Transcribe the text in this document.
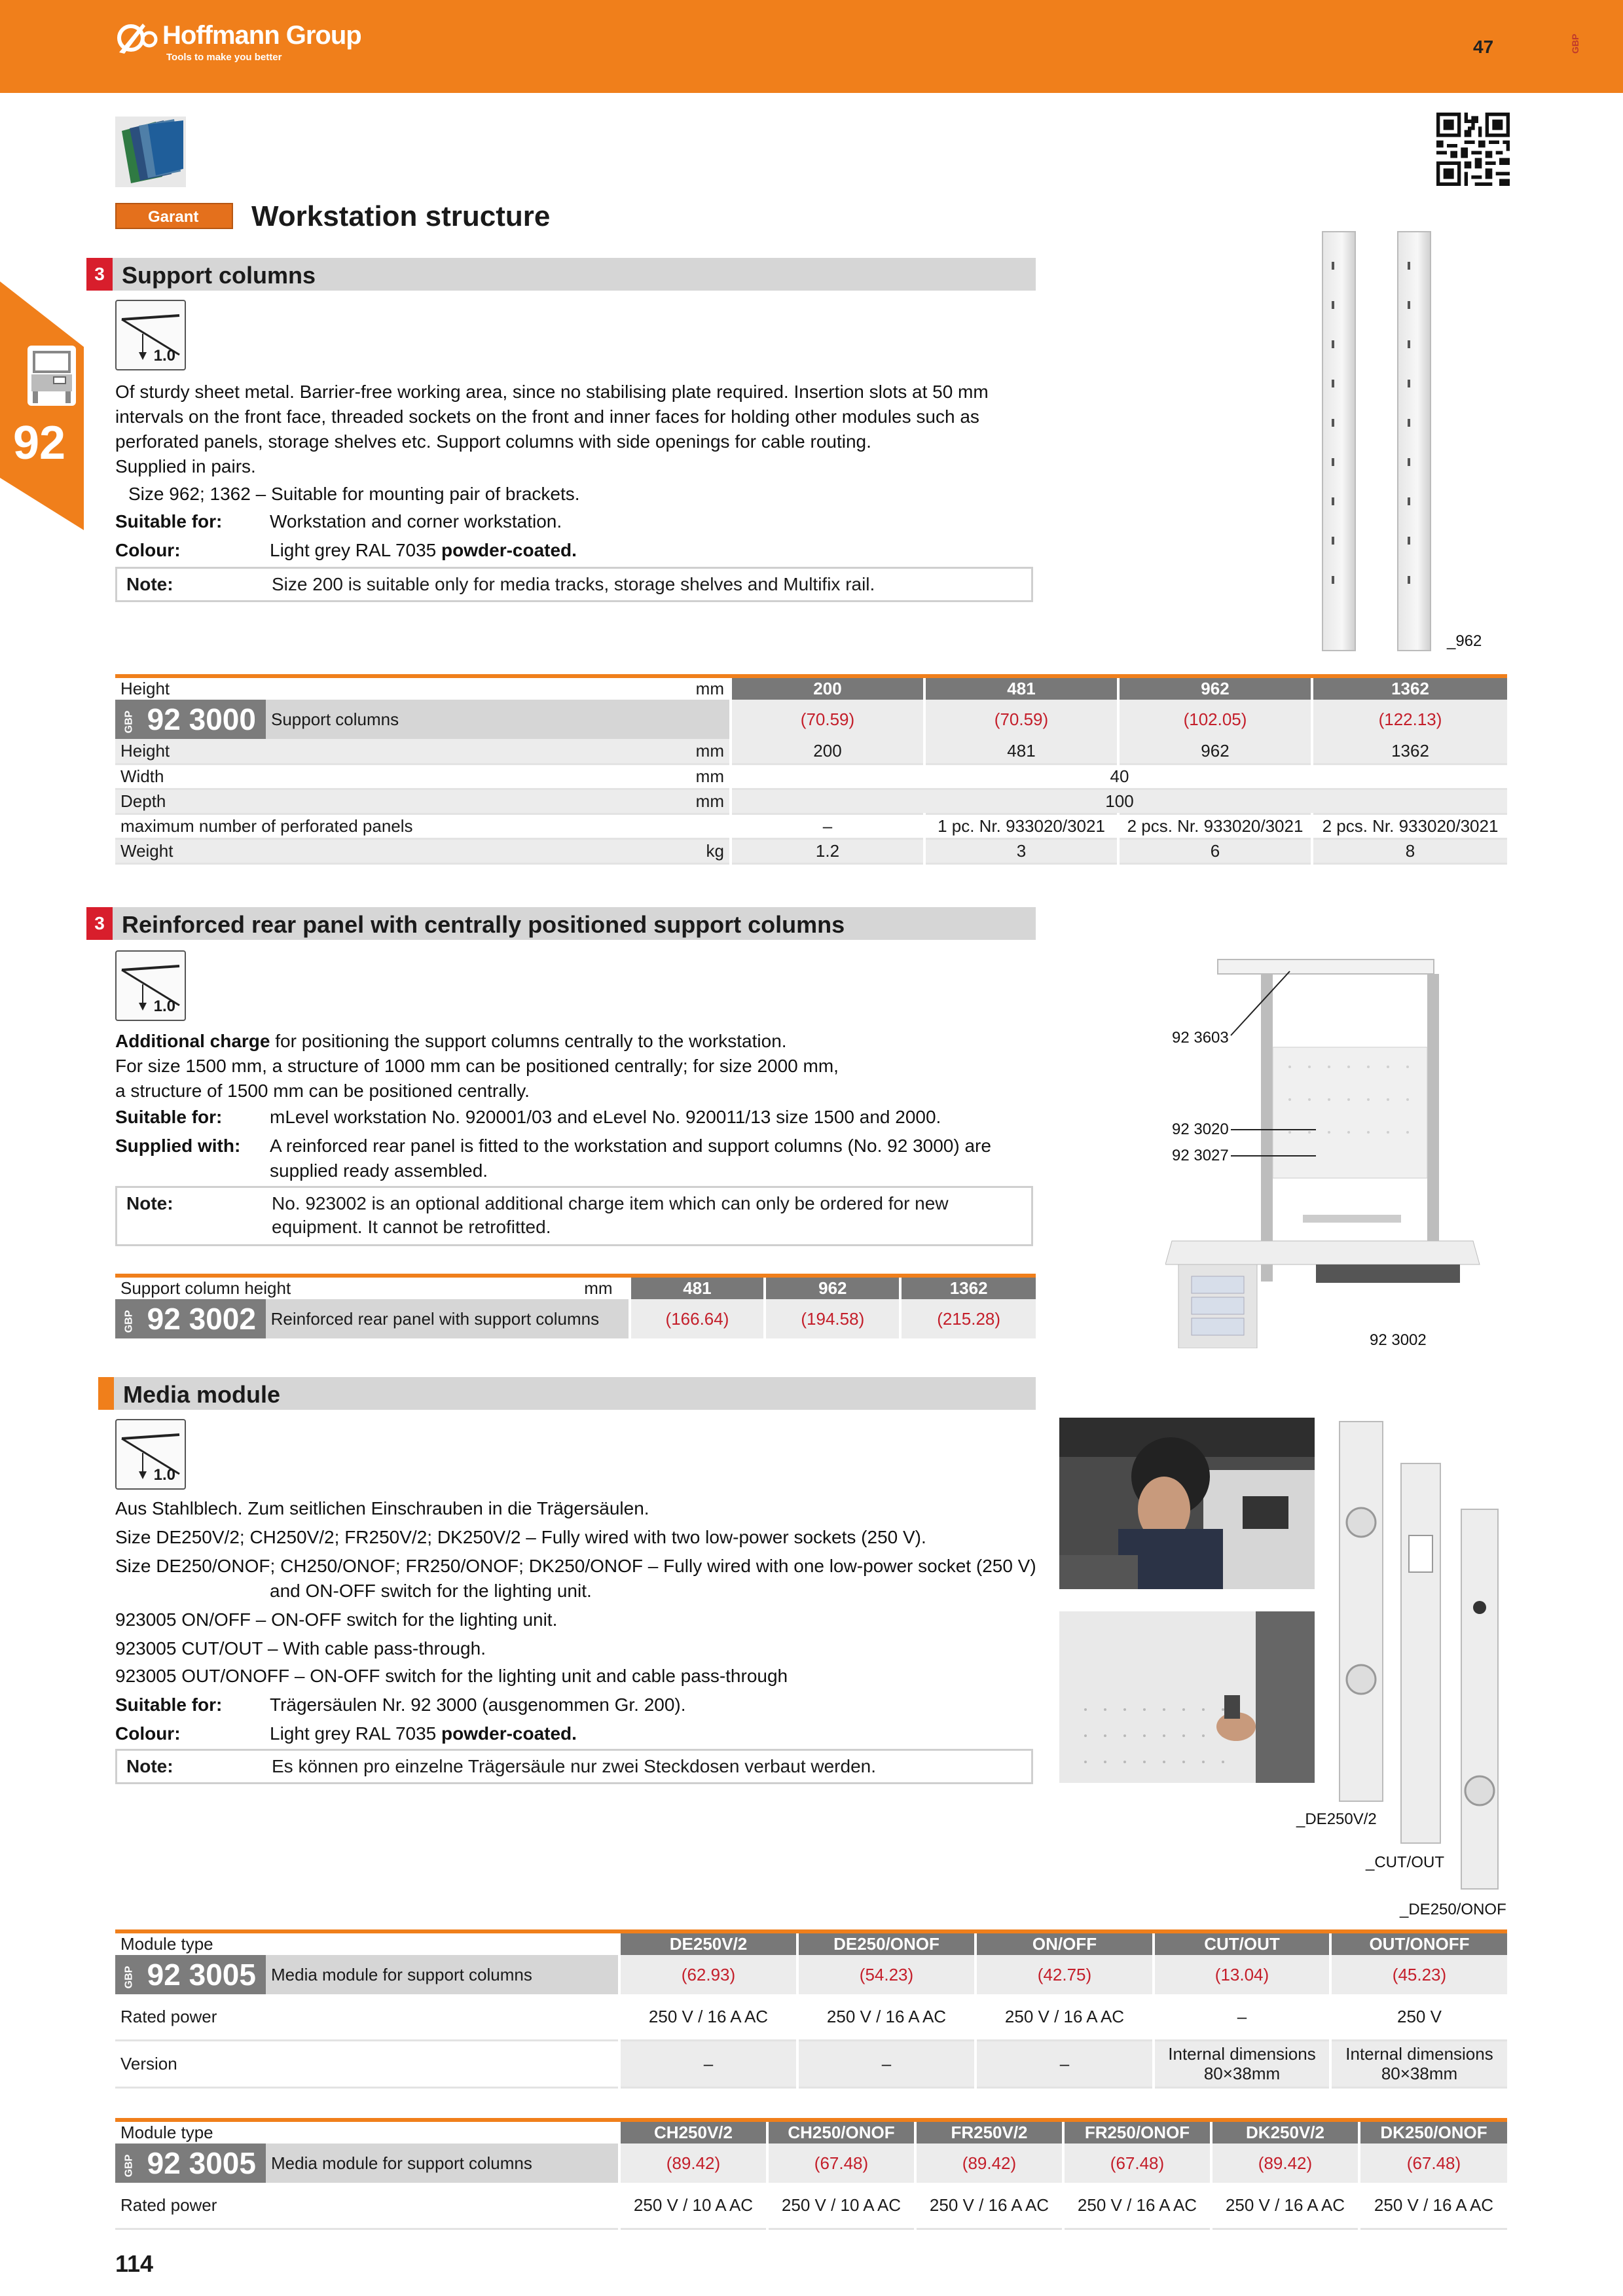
Hoffmann Group
Tools to make you better
47	GBP
92
Garant	Workstation structure
3 Support columns
1.0
Of sturdy sheet metal. Barrier-free working area, since no stabilising plate required. Insertion slots at 50 mm intervals on the front face, threaded sockets on the front and inner faces for holding other modules such as perforated panels, storage shelves etc. Support columns with side openings for cable routing.
Supplied in pairs.
Size 962; 1362 – Suitable for mounting pair of brackets.
Suitable for:	Workstation and corner workstation.
Colour:	Light grey RAL 7035 powder-coated.
Note:	Size 200 is suitable only for media tracks, storage shelves and Multifix rail.
_962
Height		mm	200	481	962	1362
GBP 92 3000	Support columns		(70.59)	(70.59)	(102.05)	(122.13)
Height		mm	200	481	962	1362
Width		mm	40			
Depth		mm	100			
maximum number of perforated panels			–	1 pc. Nr. 933020/3021	2 pcs. Nr. 933020/3021	2 pcs. Nr. 933020/3021
Weight		kg	1.2	3	6	8
3 Reinforced rear panel with centrally positioned support columns
1.0
Additional charge for positioning the support columns centrally to the workstation.
For size 1500 mm, a structure of 1000 mm can be positioned centrally; for size 2000 mm,
a structure of 1500 mm can be positioned centrally.
Suitable for:	mLevel workstation No. 920001/03 and eLevel No. 920011/13 size 1500 and 2000.
Supplied with: A reinforced rear panel is fitted to the workstation and support columns (No. 92 3000) are
supplied ready assembled.
Note:	No. 923002 is an optional additional charge item which can only be ordered for new
equipment. It cannot be retrofitted.
92 3603
92 3020
92 3027
92 3002
Support column height mm			481	962	1362
GBP 92 3002	Reinforced rear panel with support columns		(166.64)	(194.58)	(215.28)
Media module
1.0
Aus Stahlblech. Zum seitlichen Einschrauben in die Trägersäulen.
Size DE250V/2; CH250V/2; FR250V/2; DK250V/2 – Fully wired with two low-power sockets (250 V).
Size DE250/ONOF; CH250/ONOF; FR250/ONOF; DK250/ONOF – Fully wired with one low-power socket (250 V)
and ON-OFF switch for the lighting unit.
923005 ON/OFF – ON-OFF switch for the lighting unit.
923005 CUT/OUT – With cable pass-through.
923005 OUT/ONOFF – ON-OFF switch for the lighting unit and cable pass-through
Suitable for:	Trägersäulen Nr. 92 3000 (ausgenommen Gr. 200).
Colour:	Light grey RAL 7035 powder-coated.
Note:	Es können pro einzelne Trägersäule nur zwei Steckdosen verbaut werden.
_DE250V/2
_CUT/OUT
_DE250/ONOF
Module type		DE250V/2	DE250/ONOF	ON/OFF	CUT/OUT	OUT/ONOFF
GBP 92 3005	Media module for support columns	(62.93)	(54.23)	(42.75)	(13.04)	(45.23)
Rated power		250 V / 16 A AC	250 V / 16 A AC	250 V / 16 A AC	–	250 V
Version		–	–	–	Internal dimensions 80×38mm	Internal dimensions 80×38mm
Module type		CH250V/2	CH250/ONOF	FR250V/2	FR250/ONOF	DK250V/2	DK250/ONOF
GBP 92 3005	Media module for support columns	(89.42)	(67.48)	(89.42)	(67.48)	(89.42)	(67.48)
Rated power		250 V / 10 A AC	250 V / 10 A AC	250 V / 16 A AC	250 V / 16 A AC	250 V / 16 A AC	250 V / 16 A AC
114
